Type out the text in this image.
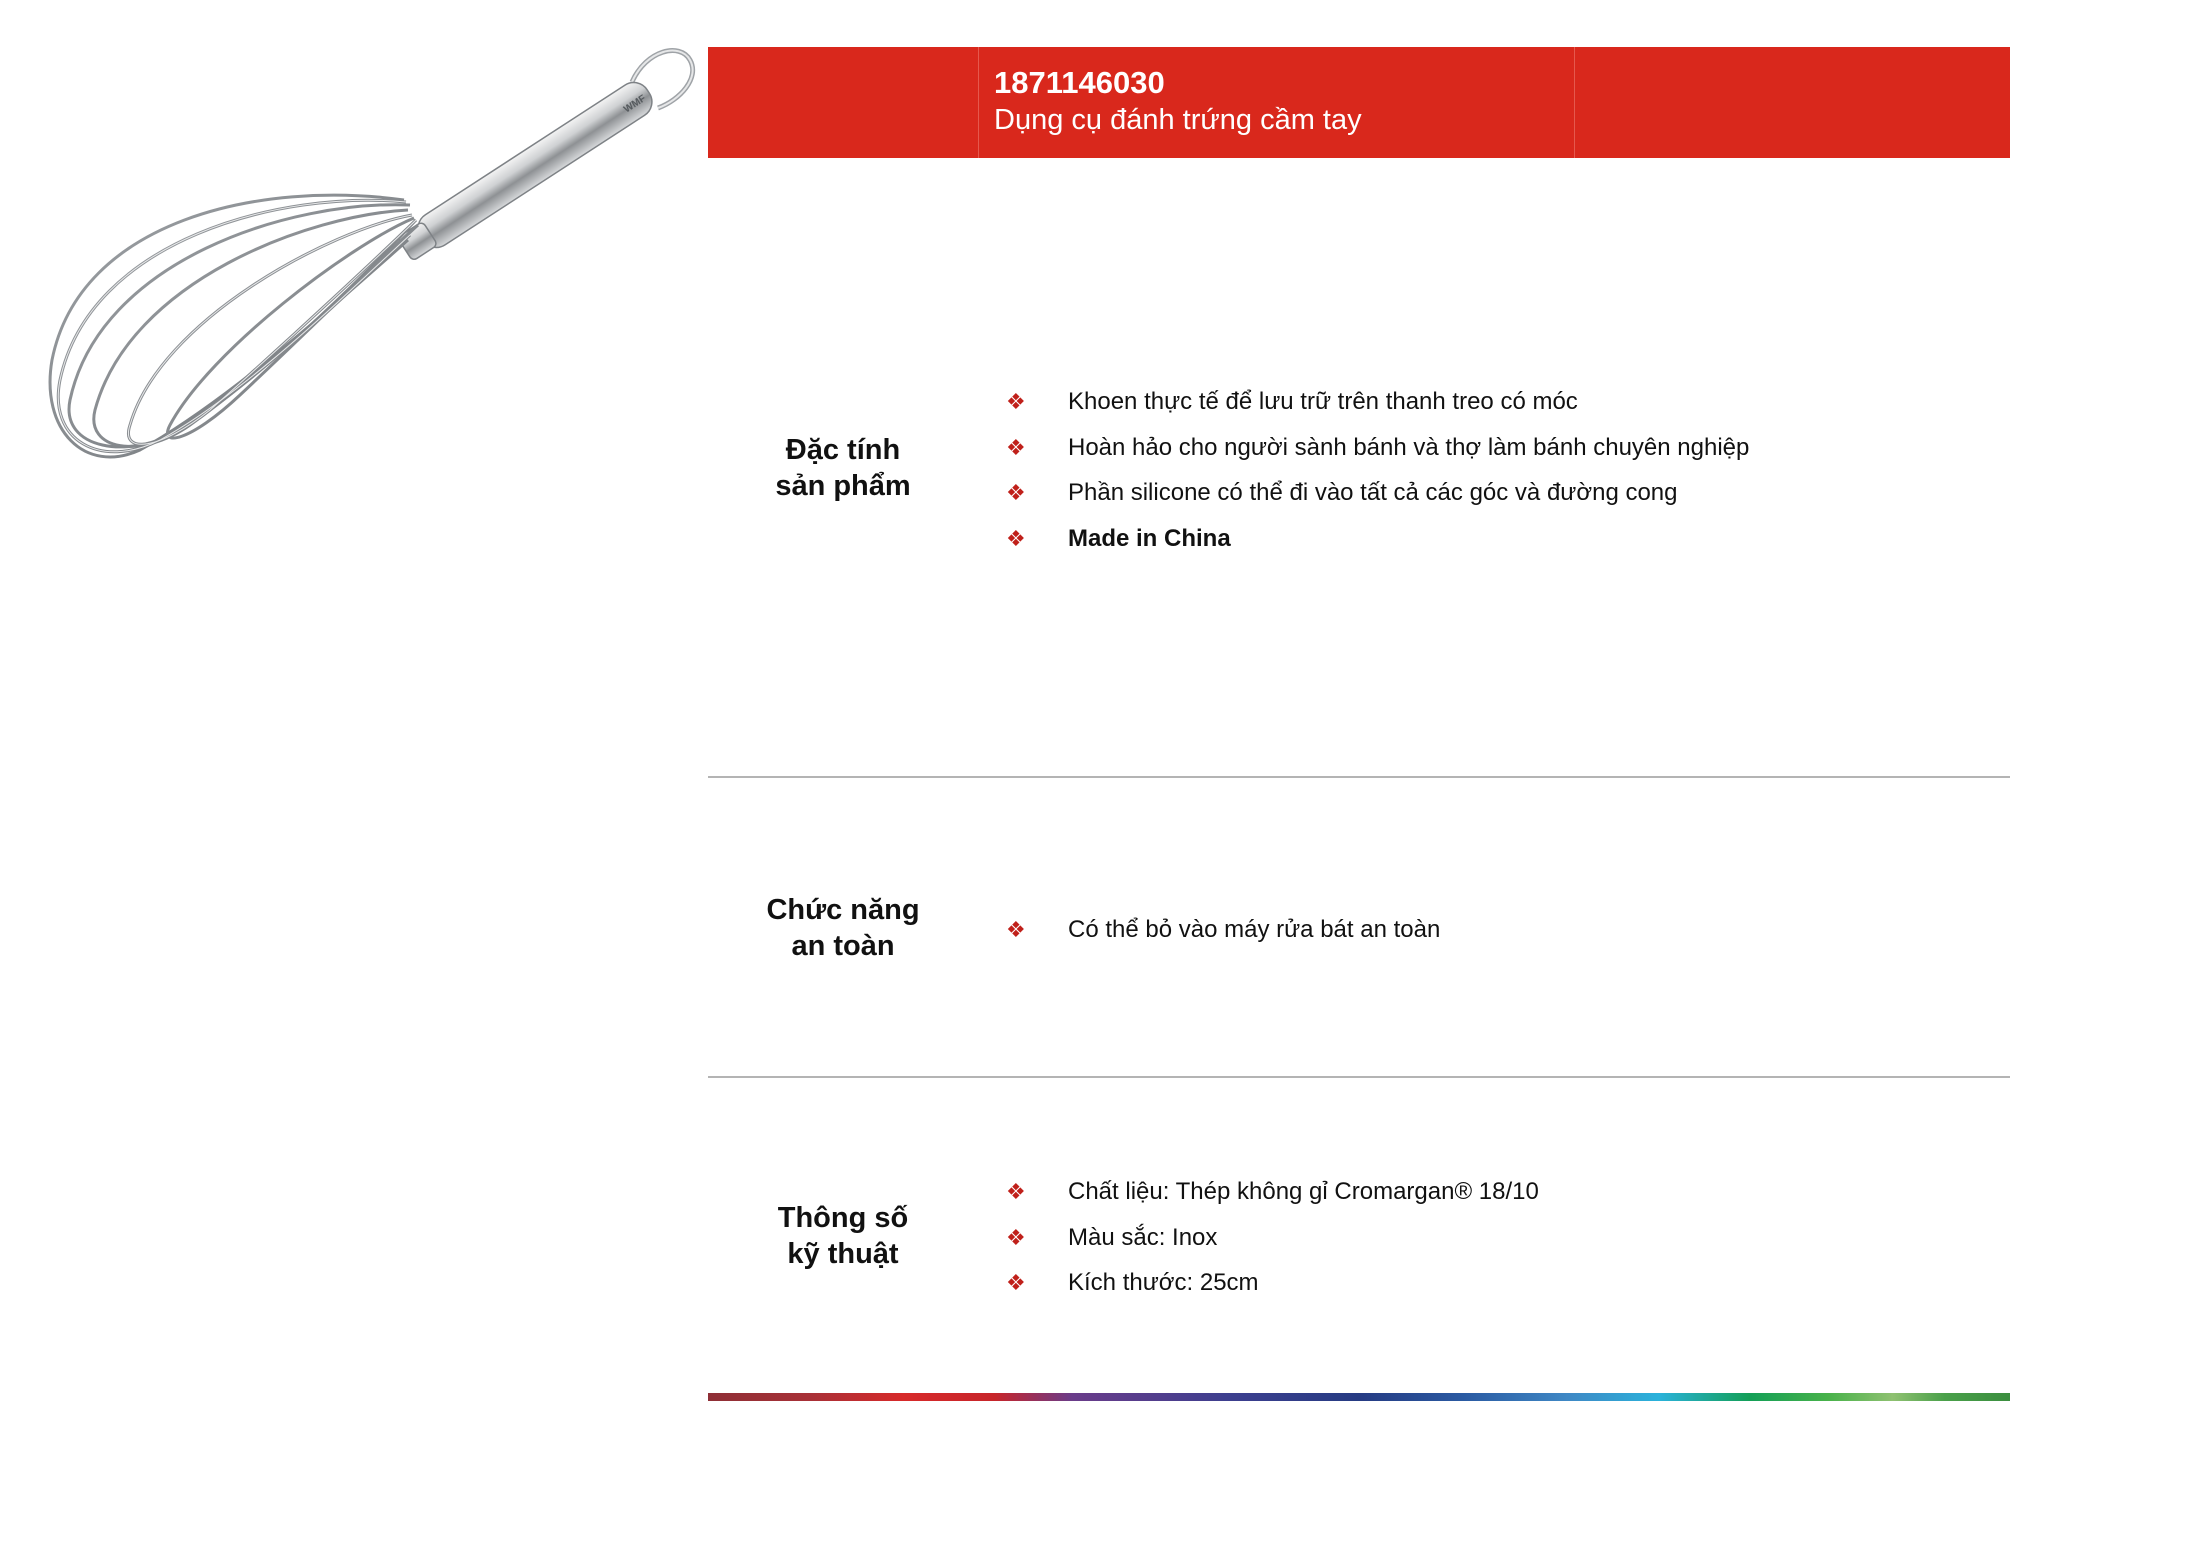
WMF
1871146030
Dụng cụ đánh trứng cầm tay
Đặc tính
sản phẩm
❖ Khoen thực tế để lưu trữ trên thanh treo có móc
❖ Hoàn hảo cho người sành bánh và thợ làm bánh chuyên nghiệp
❖ Phần silicone có thể đi vào tất cả các góc và đường cong
❖ Made in China
Chức năng
an toàn
❖ Có thể bỏ vào máy rửa bát an toàn
Thông số
kỹ thuật
❖ Chất liệu: Thép không gỉ Cromargan® 18/10
❖ Màu sắc: Inox
❖ Kích thước: 25cm
